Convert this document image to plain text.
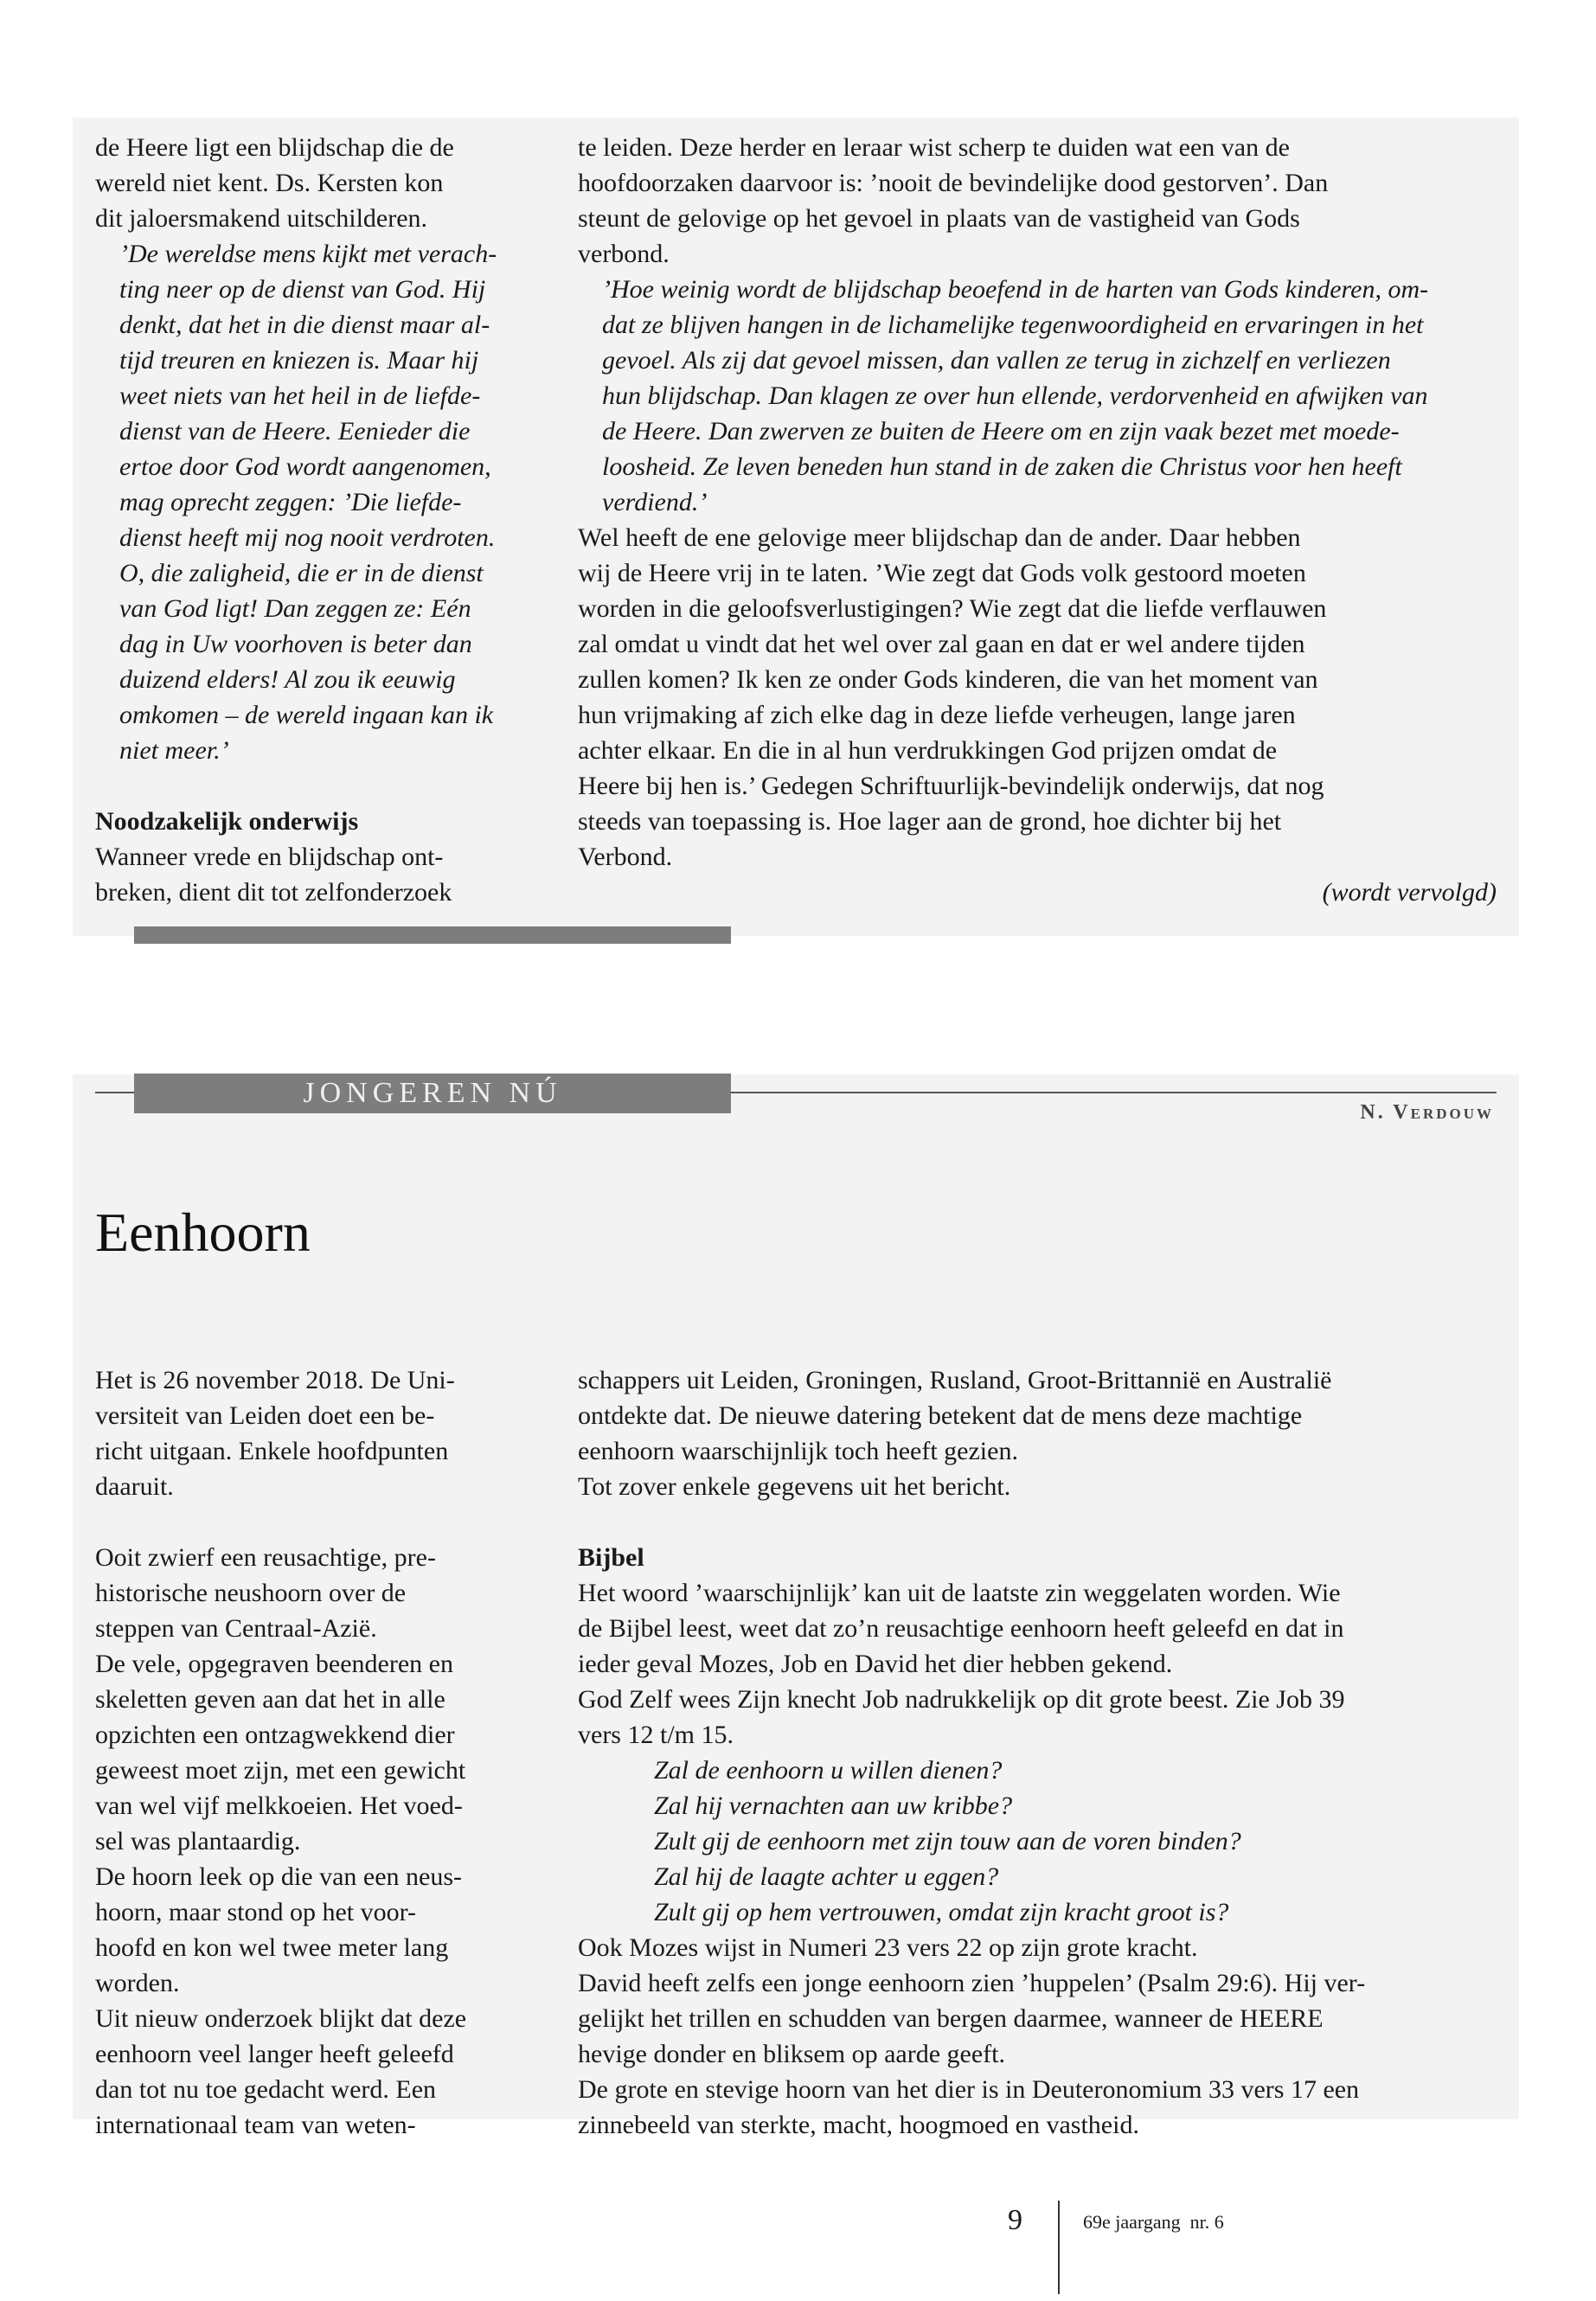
de Heere ligt een blijdschap die de

wereld niet kent. Ds. Kersten kon

dit jaloersmakend uitschilderen.

’De wereldse mens kijkt met verach-

ting neer op de dienst van God. Hij

denkt, dat het in die dienst maar al-

tijd treuren en kniezen is. Maar hij

weet niets van het heil in de liefde-

dienst van de Heere. Eenieder die

ertoe door God wordt aangenomen,

mag oprecht zeggen: ’Die liefde-

dienst heeft mij nog nooit verdroten.

O, die zaligheid, die er in de dienst

van God ligt! Dan zeggen ze: Eén

dag in Uw voorhoven is beter dan

duizend elders! Al zou ik eeuwig

omkomen – de wereld ingaan kan ik

niet meer.’

Noodzakelijk onderwijs

Wanneer vrede en blijdschap ont-

breken, dient dit tot zelfonderzoek

te leiden. Deze herder en leraar wist scherp te duiden wat een van de

hoofdoorzaken daarvoor is: ’nooit de bevindelijke dood gestorven’. Dan

steunt de gelovige op het gevoel in plaats van de vastigheid van Gods

verbond.

’Hoe weinig wordt de blijdschap beoefend in de harten van Gods kinderen, om-

dat ze blijven hangen in de lichamelijke tegenwoordigheid en ervaringen in het

gevoel. Als zij dat gevoel missen, dan vallen ze terug in zichzelf en verliezen

hun blijdschap. Dan klagen ze over hun ellende, verdorvenheid en afwijken van

de Heere. Dan zwerven ze buiten de Heere om en zijn vaak bezet met moede-

loosheid. Ze leven beneden hun stand in de zaken die Christus voor hen heeft

verdiend.’

Wel heeft de ene gelovige meer blijdschap dan de ander. Daar hebben

wij de Heere vrij in te laten. ’Wie zegt dat Gods volk gestoord moeten

worden in die geloofsverlustigingen? Wie zegt dat die liefde verflauwen

zal omdat u vindt dat het wel over zal gaan en dat er wel andere tijden

zullen komen? Ik ken ze onder Gods kinderen, die van het moment van

hun vrijmaking af zich elke dag in deze liefde verheugen, lange jaren

achter elkaar. En die in al hun verdrukkingen God prijzen omdat de

Heere bij hen is.’ Gedegen Schriftuurlijk-bevindelijk onderwijs, dat nog

steeds van toepassing is. Hoe lager aan de grond, hoe dichter bij het

Verbond.

(wordt vervolgd)

JONGEREN NÚ
N. Verdouw
Eenhoorn

Het is 26 november 2018. De Uni-

versiteit van Leiden doet een be-

richt uitgaan. Enkele hoofdpunten

daaruit.

Ooit zwierf een reusachtige, pre-

historische neushoorn over de

steppen van Centraal-Azië.

De vele, opgegraven beenderen en

skeletten geven aan dat het in alle

opzichten een ontzagwekkend dier

geweest moet zijn, met een gewicht

van wel vijf melkkoeien. Het voed-

sel was plantaardig.

De hoorn leek op die van een neus-

hoorn, maar stond op het voor-

hoofd en kon wel twee meter lang

worden.

Uit nieuw onderzoek blijkt dat deze

eenhoorn veel langer heeft geleefd

dan tot nu toe gedacht werd. Een

internationaal team van weten-

schappers uit Leiden, Groningen, Rusland, Groot-Brittannië en Australië

ontdekte dat. De nieuwe datering betekent dat de mens deze machtige

eenhoorn waarschijnlijk toch heeft gezien.

Tot zover enkele gegevens uit het bericht.

Bijbel

Het woord ’waarschijnlijk’ kan uit de laatste zin weggelaten worden. Wie

de Bijbel leest, weet dat zo’n reusachtige eenhoorn heeft geleefd en dat in

ieder geval Mozes, Job en David het dier hebben gekend.

God Zelf wees Zijn knecht Job nadrukkelijk op dit grote beest. Zie Job 39

vers 12 t/m 15.

Zal de eenhoorn u willen dienen?

Zal hij vernachten aan uw kribbe?

Zult gij de eenhoorn met zijn touw aan de voren binden?

Zal hij de laagte achter u eggen?

Zult gij op hem vertrouwen, omdat zijn kracht groot is?

Ook Mozes wijst in Numeri 23 vers 22 op zijn grote kracht.

David heeft zelfs een jonge eenhoorn zien ’huppelen’ (Psalm 29:6). Hij ver-

gelijkt het trillen en schudden van bergen daarmee, wanneer de HEERE

hevige donder en bliksem op aarde geeft.

De grote en stevige hoorn van het dier is in Deuteronomium 33 vers 17 een

zinnebeeld van sterkte, macht, hoogmoed en vastheid.

9	69e jaargang  nr. 6
